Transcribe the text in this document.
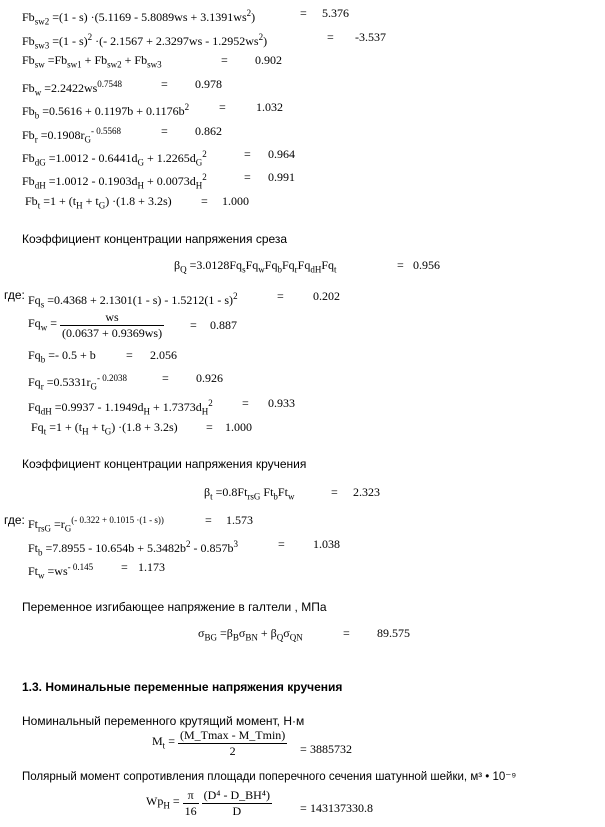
$Fb_{sw2} =(1 - s) \cdot(5.1169 - 5.8089ws + 3.1391ws^2)$	= 5.376
$Fb_{sw3} =(1 - s)^2$ ·(- $2.1567 + 2.3297ws - 1.2952ws^2$)	= -3.537
$Fb_{sw} =Fb_{sw1} + Fb_{sw2} + Fb_{sw3}$	= 0.902
$Fb_w =2.2422ws^{0.7548}$	= 0.978
$Fb_b =0.5616 + 0.1197b + 0.1176b^2$ =	1.032
$Fb_r =0.1908r_G^{- 0.5568}$	= 0.862
$Fb_{dG} =1.0012 - 0.6441d_G + 1.2265d_G^2$	= 0.964
$Fb_{dH} =1.0012 - 0.1903d_H + 0.0073d_H^2$	= 0.991
$Fb_t =1 + (t_H + t_G) \cdot(1.8 + 3.2s) = 1.000$
Коэффициент концентрации напряжения среза
$\beta_Q =3.0128Fq_sFq_wFq_bFq_rFq_{dH}Fq_t$	= 0.956
где: $Fq_s =0.4368 + 2.1301(1 - s) - 1.5212(1 - s)^2$	= 0.202
$Fq_w = \frac{ws}{(0.0637 + 0.9369ws)} = 0.887$
$Fq_b =- 0.5 + b$	= 2.056
$Fq_r =0.5331r_G^{- 0.2038}$	= 0.926
$Fq_{dH} =0.9937 - 1.1949d_H + 1.7373d_H^2 = 0.933$
$Fq_t =1 + (t_H + t_G) \cdot(1.8 + 3.2s) = 1.000$
Коэффициент концентрации напряжения кручения
$\beta_t =0.8Ft_{rsG}$ $Ft_bFt_w$	= 2.323
где: $Ft_{rsG} =r_G^{(- 0.322 + 0.1015 \cdot(1 - s))}$	= 1.573
$Ft_b =7.8955 - 10.654b + 5.3482b^2 - 0.857b^3$	= 1.038
$Ft_w =ws^{- 0.145} = 1.173$
Переменное изгибающее напряжение в галтели , МПа
$\sigma_{BG} =\beta_B\sigma_{BN} + \beta_Q\sigma_{QN}$	= 89.575
1.3. Номинальные переменные напряжения кручения
Номинальный переменного крутящий момент, Н·м
$M_t = \frac{(M\_Tmax - M\_Tmin)}{2} = 3885732$
Полярный момент сопротивления площади поперечного сечения шатунной шейки, м³ • 10⁻⁹
$Wp_H = \frac{\pi}{16}$
$\frac{\text{(D⁴ - D\_BH⁴)}}{D} = 143137330.8$
